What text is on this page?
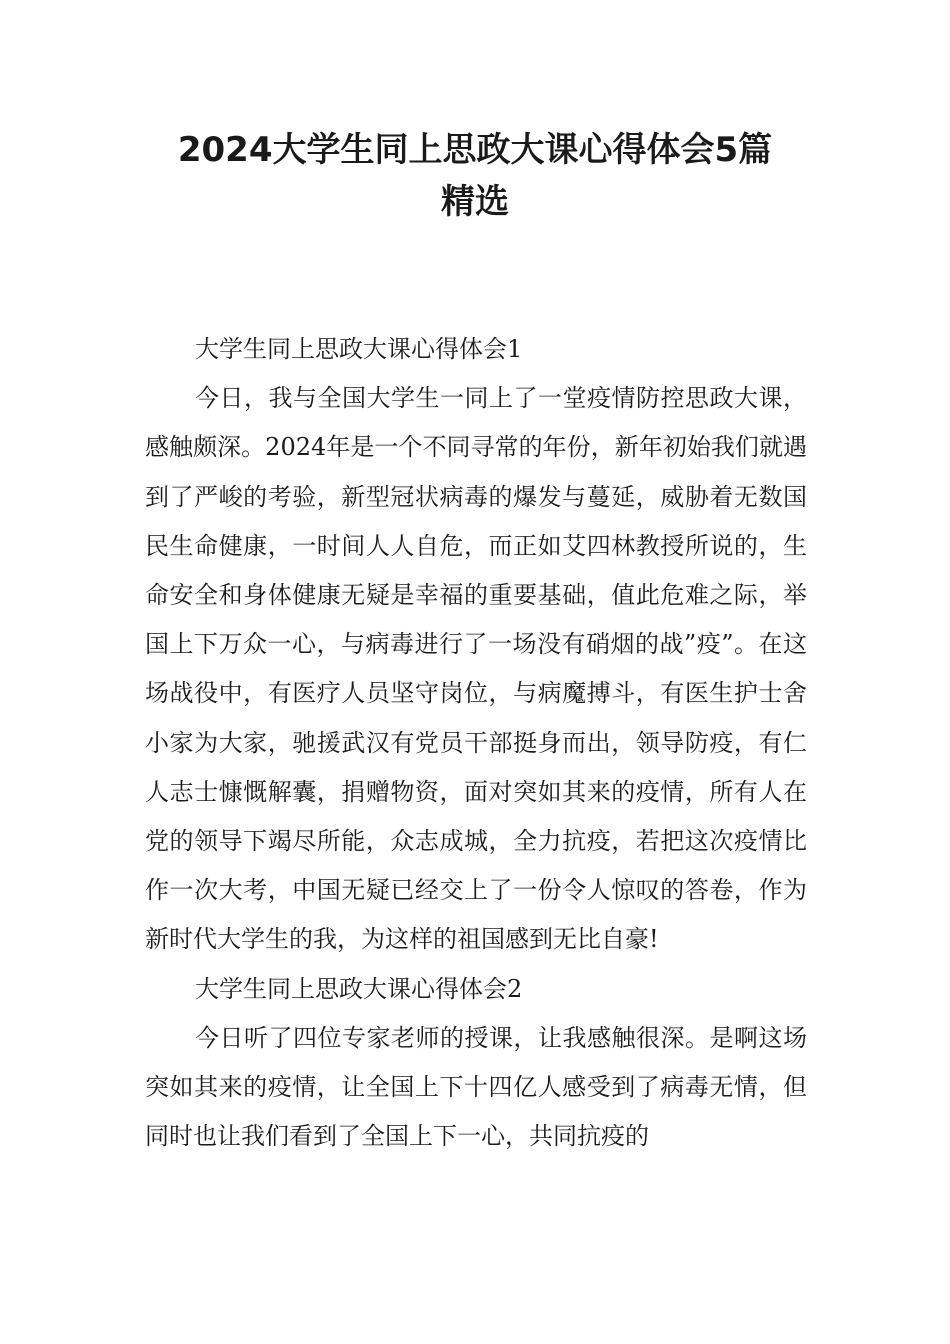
2024大学生同上思政大课心得体会5篇
精选

大学生同上思政大课心得体会1

今日，我与全国大学生一同上了一堂疫情防控思政大课，感触颇深。2024年是一个不同寻常的年份，新年初始我们就遇到了严峻的考验，新型冠状病毒的爆发与蔓延，威胁着无数国民生命健康，一时间人人自危，而正如艾四林教授所说的，生命安全和身体健康无疑是幸福的重要基础，值此危难之际，举国上下万众一心，与病毒进行了一场没有硝烟的战”疫”。在这场战役中，有医疗人员坚守岗位，与病魔搏斗，有医生护士舍小家为大家，驰援武汉有党员干部挺身而出，领导防疫，有仁人志士慷慨解囊，捐赠物资，面对突如其来的疫情，所有人在党的领导下竭尽所能，众志成城，全力抗疫，若把这次疫情比作一次大考，中国无疑已经交上了一份令人惊叹的答卷，作为新时代大学生的我，为这样的祖国感到无比自豪!

大学生同上思政大课心得体会2

今日听了四位专家老师的授课，让我感触很深。是啊这场突如其来的疫情，让全国上下十四亿人感受到了病毒无情，但同时也让我们看到了全国上下一心，共同抗疫的
